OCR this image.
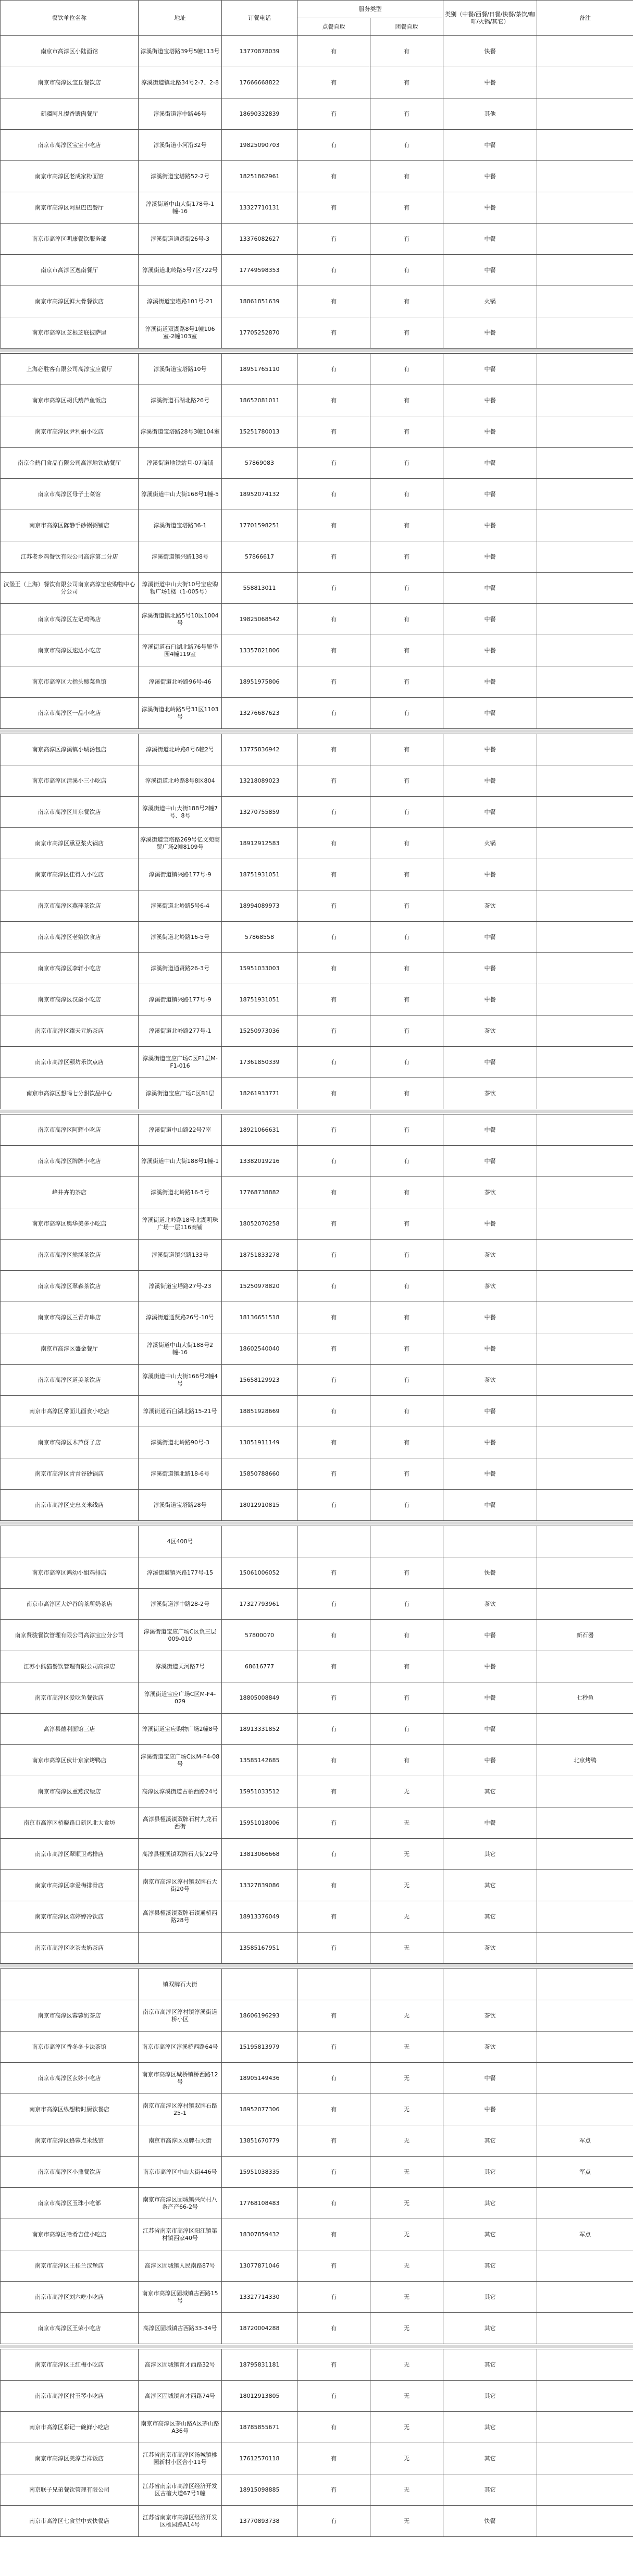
餐饮单位名称	地址	订餐电话	服务类型		类别（中餐/西餐/日餐/快餐/茶饮/咖啡/火锅/其它）	备注
			点餐自取	团餐自取		
南京市高淳区小陆面馆	淳溪街道宝塔路39号5幢113号	13770878039	有	有	快餐	
南京市高淳区宝丘餐饮店	淳溪街道镇北路34号2-7、2-8	17666668822	有	有	中餐	
新疆阿凡提香馕肉餐厅	淳溪街道淳中路46号	18690332839	有	有	其他	
南京市高淳区宝宝小吃店	淳溪街道小河沿32号	19825090703	有	有	中餐	
南京市高淳区老成家粉面馆	淳溪街道宝塔路52-2号	18251862961	有	有	中餐	
南京市高淳区阿里巴巴餐厅	淳溪街道中山大街178号-1幢-16	13327710131	有	有	中餐	
南京市高淳区明康餐饮服务部	淳溪街道通贤街26号-3	13376082627	有	有	中餐	
南京市高淳区逸南餐厅	淳溪街道北岭路5号7区722号	17749598353	有	有	中餐	
南京市高淳区鲜大骨餐饮店	淳溪街道宝塔路101号-21	18861851639	有	有	火锅	
南京市高淳区芝根芝底披萨屋	淳溪街道双湖路8号1幢106室-2幢103室	17705252870	有	有	中餐	
上海必胜客有限公司高淳宝应餐厅	淳溪街道宝塔路10号	18951765110	有	有	中餐	
南京市高淳区胡氏葫芦鱼饭店	淳溪街道石湖北路26号	18652081011	有	有	中餐	
南京市高淳区尹利娟小吃店	淳溪街道宝塔路28号3幢104室	15251780013	有	有	中餐	
南京金鹤门食品有限公司高淳地铁站餐厅	淳溪街道地铁站旦-07商铺	57869083	有	有	中餐	
南京市高淳区母子土菜馆	淳溪街道中山大街168号1幢-5	18952074132	有	有	中餐	
南京市高淳区陈静手砂锅粥铺店	淳溪街道宝塔路36-1	17701598251	有	有	中餐	
江苏老乡鸡餐饮有限公司高淳第二分店	淳溪街道镇兴路138号	57866617	有	有	中餐	
汉堡王（上海）餐饮有限公司南京高淳宝应购物中心分公司	淳溪街道中山大街10号宝应购物广场1楼（1-005号）	558813011	有	有	中餐	
南京市高淳区左记鸡鸭店	淳溪街道镇北路5号10区1004号	19825068542	有	有	中餐	
南京市高淳区速达小吃店	淳溪街道石臼湖北路76号繁华园4幢119室	13357821806	有	有	中餐	
南京市高淳区大指头酸菜鱼馆	淳溪街道北岭路96号-46	18951975806	有	有	中餐	
南京市高淳区一品小吃店	淳溪街道北岭路5号31区1103号	13276687623	有	有	中餐	
南京高淳区淳溪镇小城汤包店	淳溪街道北岭路8号6幢2号	13775836942	有	有	中餐	
南京市高淳区清溪小三小吃店	淳溪街道北岭路8号8区804	13218089023	有	有	中餐	
南京市高淳区川东餐饮店	淳溪街道中山大街188号2幢7号、8号	13270755859	有	有	中餐	
南京市高淳区熏豆浆火锅店	淳溪街道宝塔路269号亿文苑商贸广场2幢8109号	18912912583	有	有	火锅	
南京市高淳区佳得入小吃店	淳溪街道镇兴路177号-9	18751931051	有	有	中餐	
南京市高淳区燕萍茶饮店	淳溪街道北岭路5号6-4	18994089973	有	有	茶饮	
南京市高淳区老娘饮食店	淳溪街道北岭路16-5号	57868558	有	有	中餐	
南京市高淳区李轩小吃店	淳溪街道通贤路26-3号	15951033003	有	有	中餐	
南京市高淳区汉爵小吃店	淳溪街道镇兴路177号-9	18751931051	有	有	中餐	
南京市高淳区臻天元奶茶店	淳溪街道北岭路277号-1	15250973036	有	有	茶饮	
南京市高淳区颐坊乐饮点店	淳溪街道宝应广场C区F1层M-F1-016	17361850339	有	有	中餐	
南京市高淳区想喝七分甜饮品中心	淳溪街道宝应广场C区B1层	18261933771	有	有	茶饮	
南京市高淳区阿辉小吃店	淳溪街道中山路22号7室	18921066631	有	有	中餐	
南京市高淳区牌牌小吃店	淳溪街道中山大街188号1幢-1	13382019216	有	有	中餐	
峰井卉的茶店	淳溪街道北岭路16-5号	17768738882	有	有	茶饮	
南京市高淳区奥华美多小吃店	淳溪街道北岭路18号北湖明珠广场一层116商铺	18052070258	有	有	中餐	
南京市高淳区熊涵茶饮店	淳溪街道镇兴路133号	18751833278	有	有	茶饮	
南京市高淳区翠森茶饮店	淳溪街道宝塔路27号-23	15250978820	有	有	茶饮	
南京市高淳区兰青炸串店	淳溪街道通贤路26号-10号	18136651518	有	有	中餐	
南京市高淳区盛金餐厅	淳溪街道中山大街188号2幢-16	18602540040	有	有	中餐	
南京市高淳区道美茶饮店	淳溪街道中山大街166号2幢4号	15658129923	有	有	茶饮	
南京市高淳区常面儿面食小吃店	淳溪街道石臼湖北路15-21号	18851928669	有	有	中餐	
南京市高淳区木芦伢子店	淳溪街道北岭路90号-3	13851911149	有	有	中餐	
南京市高淳区青青谷砂锅店	淳溪街道镇北路18-6号	15850788660	有	有	中餐	
南京市高淳区史忠义米线店	淳溪街道宝塔路28号	18012910815	有	有	中餐	
	4区408号					
南京市高淳区鸿幼小姐鸡排店	淳溪街道镇兴路177号-15	15061006052	有	有	快餐	
南京市高淳区大炉谷的茶所奶茶店	淳溪街道淳中路28-2号	17327793961	有	有	茶饮	
南京贤骏餐饮管理有限公司高淳宝应分公司	淳溪街道宝应广场C区负三层009-010	57800070	有	有	中餐	新石器
江苏小熊猫餐饮管理有限公司高淳店	淳溪街道天河路7号	68616777	有	有	中餐	
南京市高淳区爱吃鱼餐饮店	淳溪街道宝应广场C区M-F4-029	18805008849	有	有	中餐	七秒鱼
高淳县德利面馆三店	淳溪街道宝应购物广场2幢8号	18913331852	有	有	中餐	
南京市高淳区伙计京家烤鸭店	淳溪街道宝应广场C区M-F4-08号	13585142685	有	有	中餐	北京烤鸭
南京市高淳区重燕汉堡店	高淳区淳溪街道古柏西路24号	15951033512	有	无	其它	
南京市高淳区桥晓路口新风北大食坊	高淳县桠溪镇双牌石村九龙石西街	15951018006	有	无	中餐	
南京市高淳区翠顺卫鸡排店	高淳县桠溪镇双牌石大街22号	13813066668	有	无	其它	
南京市高淳区李爱梅排骨店	南京市高淳区淳村镇双牌石大街20号	13327839086	有	无	其它	
南京市高淳区陈婷婷冷饮店	高淳县桠溪镇双牌石镇通桥西路28号	18913376049	有	无	其它	
南京市高淳区吃茶去奶茶店		13585167951	有	无	茶饮	
	镇双牌石大街					
南京市高淳区蓉蓉奶茶店	南京市高淳区淳村镇淳溪街道桥小区	18606196293	有	无	茶饮	
南京市高淳区香冬冬卡法茶馆	南京市高淳区淳溪桥西路64号	15195813979	有	无	茶饮	
南京市高淳区玄妙小吃店	南京市高淳区城桥镇桥西路12号	18905149436	有	无	中餐	
南京市高淳区纵想精时厨饮餐店	南京市高淳区淳村镇双牌石路25-1	18952077306	有	无	中餐	
南京市高淳区蜂蓉点米线馆	南京市高淳区双牌石大街	13851670779	有	无	其它	军点
南京市高淳区小鼎餐饮店	南京市高淳区中山大街446号	15951038335	有	无	其它	军点
南京市高淳区玉珠小吃部	南京市高淳区固城镇兴尚村八条产产66-2号	17768108483	有	无	其它	
南京市高淳区啥肴吉佳小吃店	江苏省南京市高淳区阳江镇第村镇西家40号	18307859432	有	无	其它	军点
南京市高淳区王桂兰汉堡店	高淳区固城镇人民南路87号	13077871046	有	无	其它	
南京市高淳区刘六吃小吃店	南京市高淳区固城镇古西路15号	13327714330	有	无	其它	
南京市高淳区王荣小吃店	高淳区固城镇古西路33-34号	18720004288	有	无	其它	
南京市高淳区王红梅小吃店	高淳区固城镇育才西路32号	18795831181	有	无	其它	
南京市高淳区付玉琴小吃店	高淳区固城镇育才西路74号	18012913805	有	无	其它	
南京市高淳区彩记一碗鲜小吃店	南京市高淳区茅山路A区茅山路A36号	18785855671	有	无	其它	
南京市高淳区美淳吉祥饭店	江苏省南京市高淳区汤城镇桃园新村小区合小11号	17612570118	有	无	其它	
南京联子兄弟餐饮管理有限公司	江苏省南京市高淳区经济开发区古檀大道67号1幢	18915098885	有	无	其它	
南京市高淳区七食堂中式快餐店	江苏省南京市高淳区经济开发区桃园路A14号	13770893738	有	无	快餐	
